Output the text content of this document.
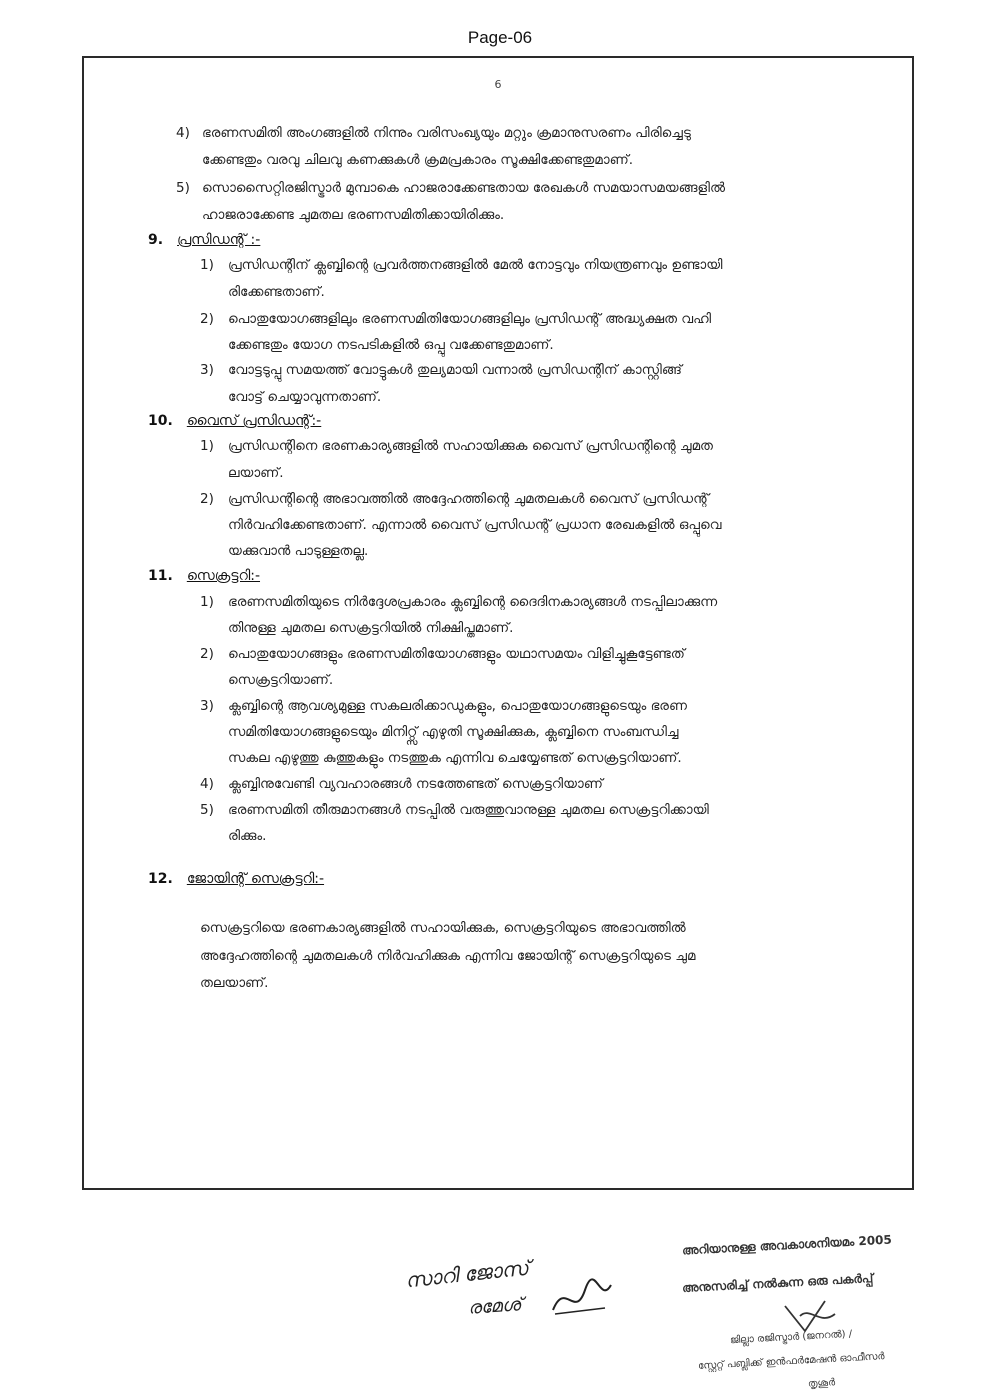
Page-06
6
4) ഭരണസമിതി അംഗങ്ങളിൽ നിന്നും വരിസംഖ്യയും മറ്റും ക്രമാനുസരണം പിരിച്ചെടു
ക്കേണ്ടതും വരവു ചിലവു കണക്കുകൾ ക്രമപ്രകാരം സൂക്ഷിക്കേണ്ടതുമാണ്.
5) സൊസൈറ്റിരജിസ്ട്രാർ മുമ്പാകെ ഹാജരാക്കേണ്ടതായ രേഖകൾ സമയാസമയങ്ങളിൽ
ഹാജരാക്കേണ്ട ചുമതല ഭരണസമിതിക്കായിരിക്കും.
9. പ്രസിഡന്റ് :-
1) പ്രസിഡന്റിന് ക്ലബ്ബിന്റെ പ്രവർത്തനങ്ങളിൽ മേൽ നോട്ടവും നിയന്ത്രണവും ഉണ്ടായി
രിക്കേണ്ടതാണ്.
2) പൊതുയോഗങ്ങളിലും ഭരണസമിതിയോഗങ്ങളിലും പ്രസിഡന്റ് അദ്ധ്യക്ഷത വഹി
ക്കേണ്ടതും യോഗ നടപടികളിൽ ഒപ്പു വക്കേണ്ടതുമാണ്.
3) വോട്ടടുപ്പു സമയത്ത് വോട്ടുകൾ തുല്യമായി വന്നാൽ പ്രസിഡന്റിന് കാസ്റ്റിങ്ങ്
വോട്ട് ചെയ്യാവുന്നതാണ്.
10. വൈസ് പ്രസിഡന്റ്:-
1) പ്രസിഡന്റിനെ ഭരണകാര്യങ്ങളിൽ സഹായിക്കുക വൈസ് പ്രസിഡന്റിന്റെ ചുമത
ലയാണ്.
2) പ്രസിഡന്റിന്റെ അഭാവത്തിൽ അദ്ദേഹത്തിന്റെ ചുമതലകൾ വൈസ് പ്രസിഡന്റ്
നിർവഹിക്കേണ്ടതാണ്. എന്നാൽ വൈസ് പ്രസിഡന്റ് പ്രധാന രേഖകളിൽ ഒപ്പുവെ
യക്കുവാൻ പാടുള്ളതല്ല.
11. സെക്രട്ടറി:-
1) ഭരണസമിതിയുടെ നിർദ്ദേശപ്രകാരം ക്ലബ്ബിന്റെ ദൈദിനകാര്യങ്ങൾ നടപ്പിലാക്കുന്ന
തിനുള്ള ചുമതല സെക്രട്ടറിയിൽ നിക്ഷിപ്തമാണ്.
2) പൊതുയോഗങ്ങളും ഭരണസമിതിയോഗങ്ങളും യഥാസമയം വിളിച്ചുകൂട്ടേണ്ടത്
സെക്രട്ടറിയാണ്.
3) ക്ലബ്ബിന്റെ ആവശ്യമുള്ള സകലരിക്കാഡുകളും, പൊതുയോഗങ്ങളുടെയും ഭരണ
സമിതിയോഗങ്ങളുടെയും മിനിറ്റ്സ് എഴുതി സൂക്ഷിക്കുക, ക്ലബ്ബിനെ സംബന്ധിച്ച
സകല എഴുത്തു കുത്തുകളും നടത്തുക എന്നിവ ചെയ്യേണ്ടത് സെക്രട്ടറിയാണ്.
4) ക്ലബ്ബിനുവേണ്ടി വ്യവഹാരങ്ങൾ നടത്തേണ്ടത് സെക്രട്ടറിയാണ്
5) ഭരണസമിതി തീരുമാനങ്ങൾ നടപ്പിൽ വരുത്തുവാനുള്ള ചുമതല സെക്രട്ടറിക്കായി
രിക്കും.
12. ജോയിന്റ് സെക്രട്ടറി:-
സെക്രട്ടറിയെ ഭരണകാര്യങ്ങളിൽ സഹായിക്കുക, സെക്രട്ടറിയുടെ അഭാവത്തിൽ
അദ്ദേഹത്തിന്റെ ചുമതലകൾ നിർവഹിക്കുക എന്നിവ ജോയിന്റ് സെക്രട്ടറിയുടെ ചുമ
തലയാണ്.
സാറി ജോസ്
രമേശ്
അറിയാനുള്ള അവകാശനിയമം 2005
അനുസരിച്ച് നൽകുന്ന ഒരു പകർപ്പ്
ജില്ലാ രജിസ്ട്രാർ (ജനറൽ) /
സ്റ്റേറ്റ് പബ്ലിക്ക് ഇൻഫർമേഷൻ ഓഫീസർ
തൃശൂർ
